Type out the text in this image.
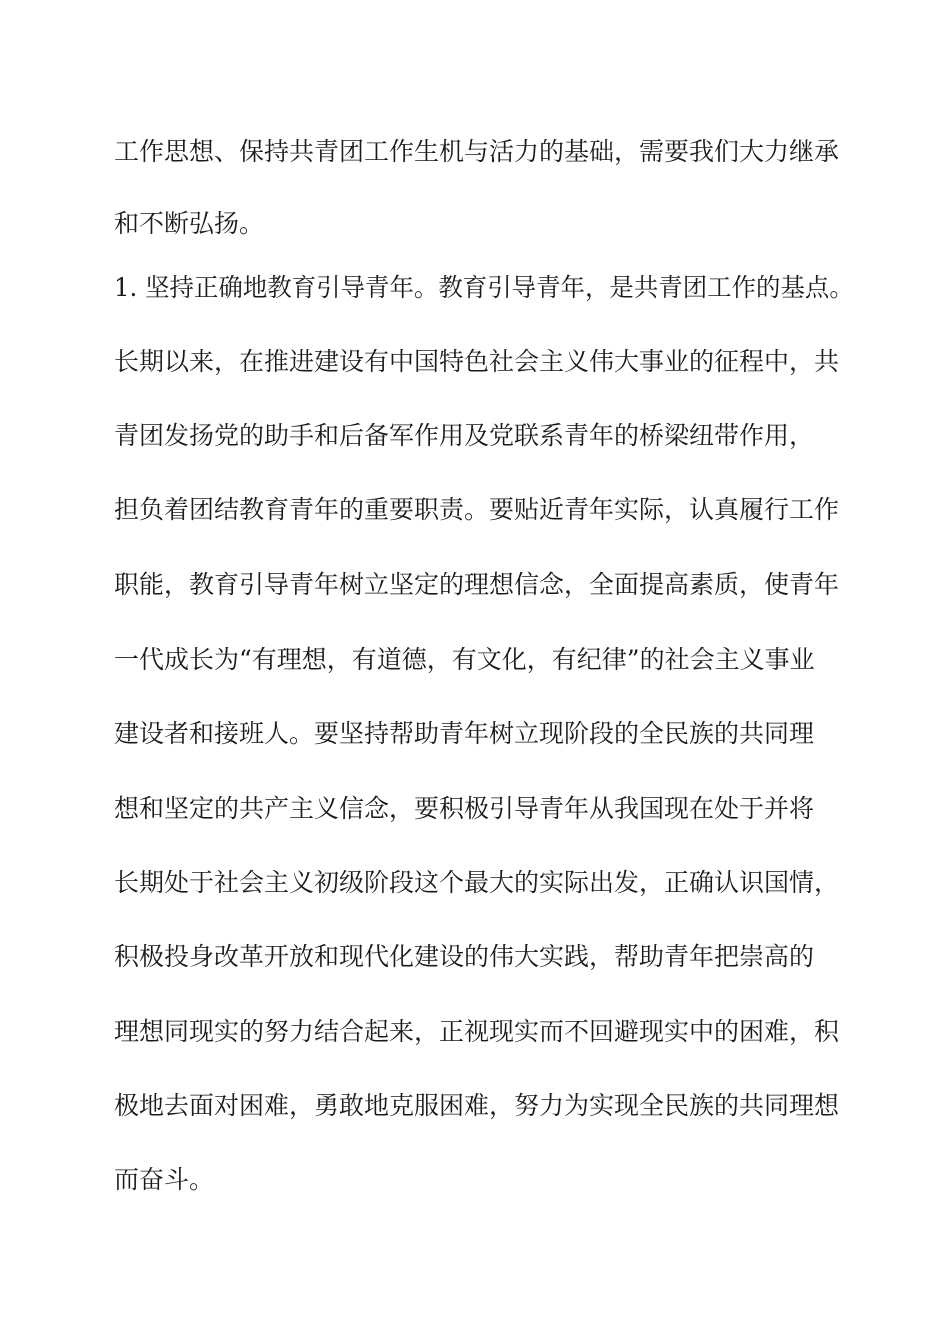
工作思想、保持共青团工作生机与活力的基础，需要我们大力继承
和不断弘扬。
1. 坚持正确地教育引导青年。教育引导青年，是共青团工作的基点。
长期以来，在推进建设有中国特色社会主义伟大事业的征程中，共
青团发扬党的助手和后备军作用及党联系青年的桥梁纽带作用，
担负着团结教育青年的重要职责。要贴近青年实际，认真履行工作
职能，教育引导青年树立坚定的理想信念，全面提高素质，使青年
一代成长为“有理想，有道德，有文化，有纪律”的社会主义事业
建设者和接班人。要坚持帮助青年树立现阶段的全民族的共同理
想和坚定的共产主义信念，要积极引导青年从我国现在处于并将
长期处于社会主义初级阶段这个最大的实际出发，正确认识国情，
积极投身改革开放和现代化建设的伟大实践，帮助青年把崇高的
理想同现实的努力结合起来，正视现实而不回避现实中的困难，积
极地去面对困难，勇敢地克服困难，努力为实现全民族的共同理想
而奋斗。
